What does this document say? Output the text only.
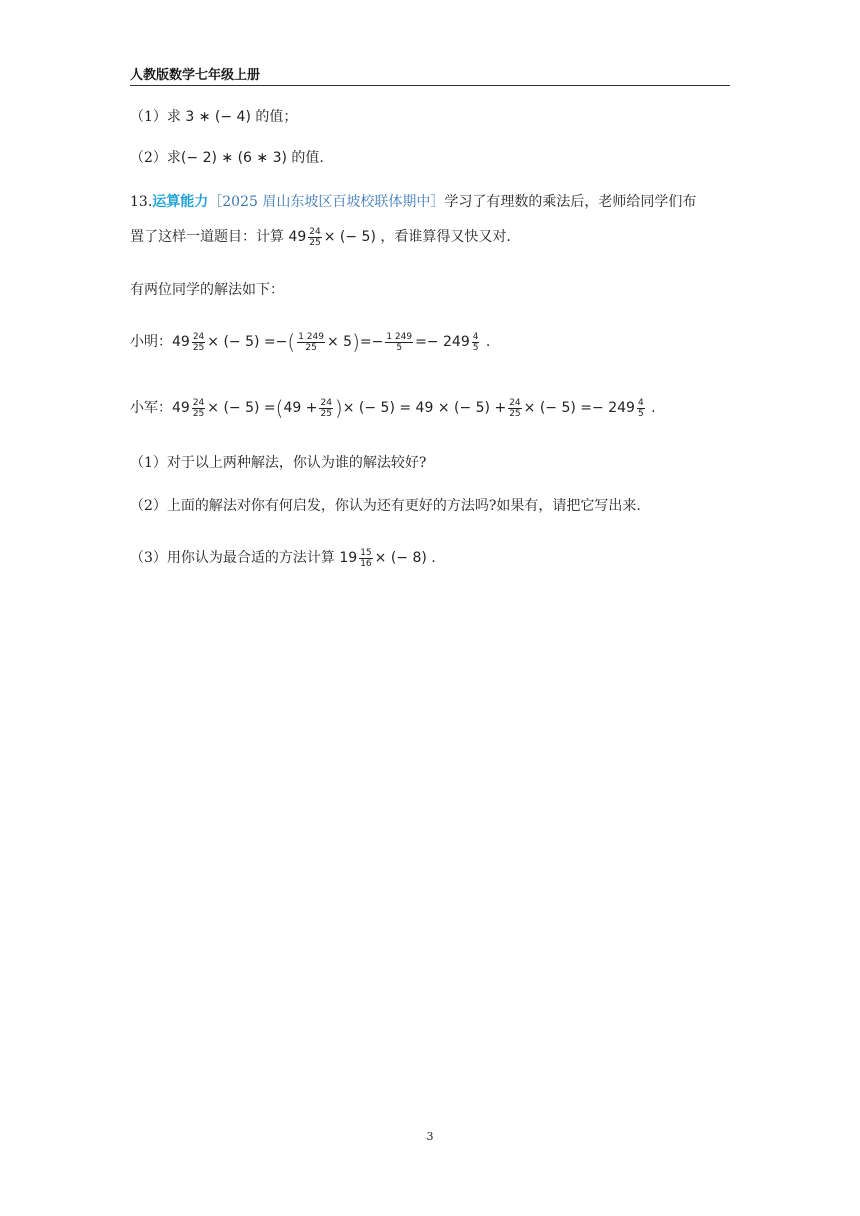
人教版数学七年级上册
（1）求 3 ∗ (− 4) 的值；
（2）求(− 2) ∗ (6 ∗ 3) 的值.
13.运算能力［2025 眉山东坡区百坡校联体期中］学习了有理数的乘法后，老师给同学们布
置了这样一道题目：计算 $49 \frac{24}{25}$ × (− 5) ，看谁算得又快又对.
有两位同学的解法如下：
小明：$49 \frac{24}{25}$ × (− 5) =−( $\frac{1 249}{25} \times 5)=- \frac{1 249}{5} =- 249 \frac{4}{5}$ .
小军：$49 \frac{24}{25}$ × (− $5) =(49 + \frac{24}{25}$ )× (− 5) = 49 × (− $5) + \frac{24}{25}$ × (− $5) =- 249 \frac{4}{5}$ .
（1）对于以上两种解法，你认为谁的解法较好?
（2）上面的解法对你有何启发，你认为还有更好的方法吗?如果有，请把它写出来.
（3）用你认为最合适的方法计算 $19 \frac{15}{16}$ × (− 8) .
3
